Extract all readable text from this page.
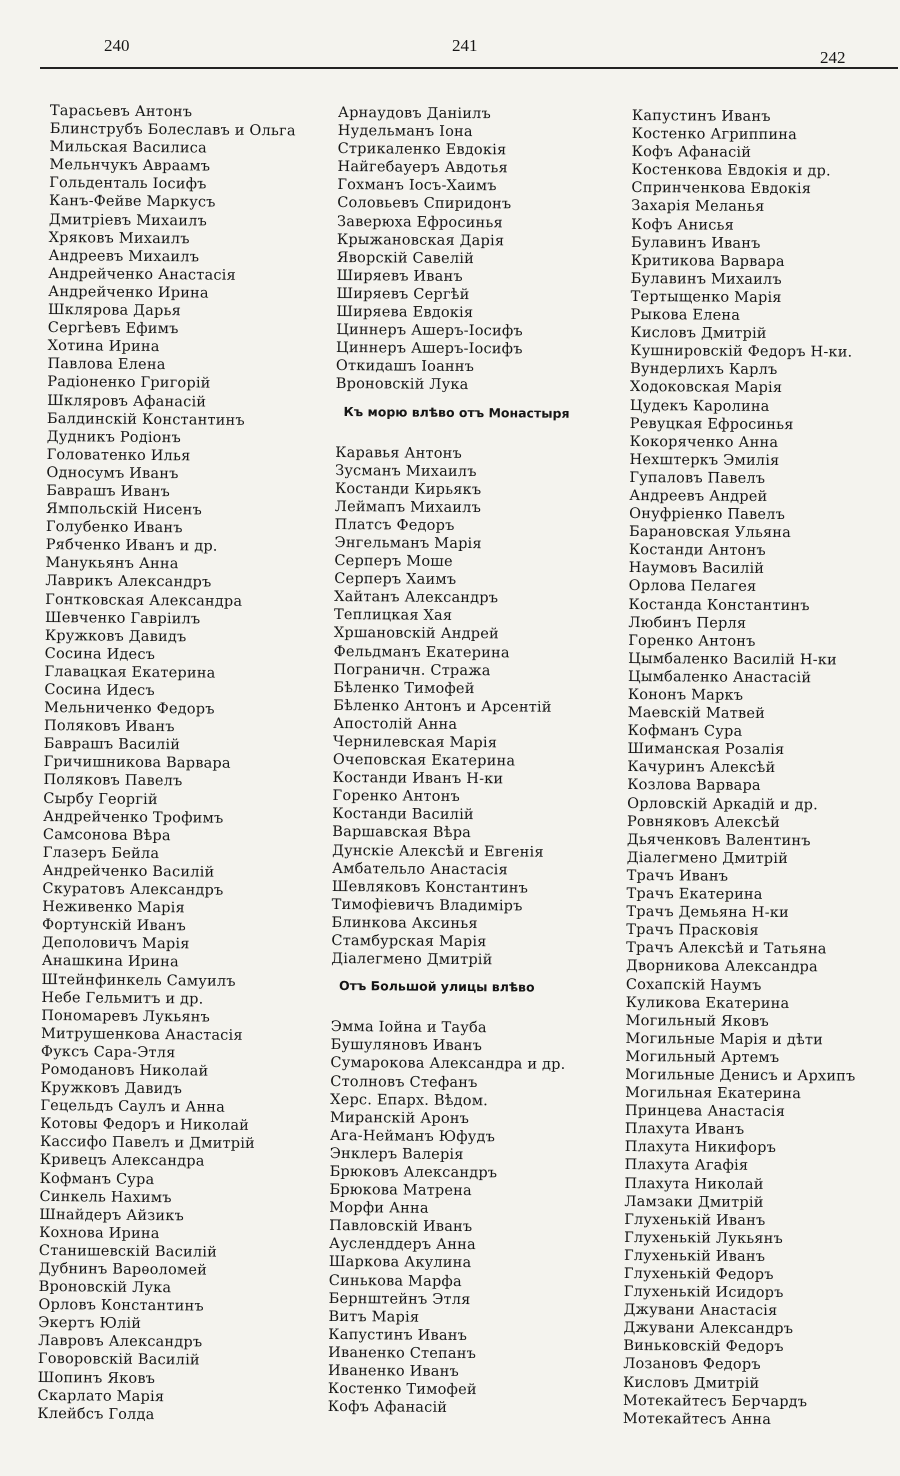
240	241
242
Тарасьевъ Антонъ
Блинструбъ Болеславъ и Ольга
Мильская Василиса
Мельнчукъ Авраамъ
Гольденталь Іосифъ
Канъ-Фейве Маркусъ
Дмитріевъ Михаилъ
Хряковъ Михаилъ
Андреевъ Михаилъ
Андрейченко Анастасія
Андрейченко Ирина
Шклярова Дарья
Сергѣевъ Ефимъ
Хотина Ирина
Павлова Елена
Радіоненко Григорій
Шкляровъ Афанасій
Балдинскій Константинъ
Дудникъ Родіонъ
Головатенко Илья
Односумъ Иванъ
Баврашъ Иванъ
Ямпольскій Нисенъ
Голубенко Иванъ
Рябченко Иванъ и др.
Манукьянъ Анна
Лаврикъ Александръ
Гонтковская Александра
Шевченко Гавріилъ
Кружковъ Давидъ
Сосина Идесъ
Главацкая Екатерина
Сосина Идесъ
Мельниченко Федоръ
Поляковъ Иванъ
Баврашъ Василій
Гричишникова Варвара
Поляковъ Павелъ
Сырбу Георгій
Андрейченко Трофимъ
Самсонова Вѣра
Глазеръ Бейла
Андрейченко Василій
Скуратовъ Александръ
Неживенко Марія
Фортунскій Иванъ
Деполовичъ Марія
Анашкина Ирина
Штейнфинкель Самуилъ
Небе Гельмитъ и др.
Пономаревъ Лукьянъ
Митрушенкова Анастасія
Фуксъ Сара-Этля
Ромодановъ Николай
Кружковъ Давидъ
Гецельдъ Саулъ и Анна
Котовы Федоръ и Николай
Кассифо Павелъ и Дмитрій
Кривецъ Александра
Кофманъ Сура
Синкель Нахимъ
Шнайдеръ Айзикъ
Кохнова Ирина
Станишевскій Василій
Дубнинъ Варѳоломей
Вроновскій Лука
Орловъ Константинъ
Экертъ Юлій
Лавровъ Александръ
Говоровскій Василій
Шопинъ Яковъ
Скарлато Марія
Клейбсъ Голда
Арнаудовъ Даніилъ
Нудельманъ Іона
Стрикаленко Евдокія
Найгебауеръ Авдотья
Гохманъ Іосъ-Хаимъ
Соловьевъ Спиридонъ
Заверюха Ефросинья
Крыжановская Дарія
Яворскій Савелій
Ширяевъ Иванъ
Ширяевъ Сергѣй
Ширяева Евдокія
Циннеръ Ашеръ-Іосифъ
Циннеръ Ашеръ-Іосифъ
Откидашъ Іоаннъ
Вроновскій Лука
Къ морю влѣво отъ Монастыря
Каравья Антонъ
Зусманъ Михаилъ
Костанди Кирьякъ
Леймапъ Михаилъ
Платсъ Федоръ
Энгельманъ Марія
Серперъ Моше
Серперъ Хаимъ
Хайтанъ Александръ
Теплицкая Хая
Хршановскій Андрей
Фельдманъ Екатерина
Пограничн. Стража
Бѣленко Тимофей
Бѣленко Антонъ и Арсентій
Апостолій Анна
Чернилевская Марія
Очеповская Екатерина
Костанди Иванъ Н-ки
Горенко Антонъ
Костанди Василій
Варшавская Вѣра
Дунскіе Алексѣй и Евгенія
Амбательло Анастасія
Шевляковъ Константинъ
Тимофіевичъ Владиміръ
Блинкова Аксинья
Стамбурская Марія
Діалегмено Дмитрій
Отъ Большой улицы влѣво
Эмма Іойна и Тауба
Бушуляновъ Иванъ
Сумарокова Александра и др.
Столновъ Стефанъ
Херс. Епарх. Вѣдом.
Миранскій Аронъ
Ага-Нейманъ Юфудъ
Энклеръ Валерія
Брюковъ Александръ
Брюкова Матрена
Морфи Анна
Павловскій Иванъ
Аусленддеръ Анна
Шаркова Акулина
Синькова Марфа
Бернштейнъ Этля
Витъ Марія
Капустинъ Иванъ
Иваненко Степанъ
Иваненко Иванъ
Костенко Тимофей
Кофъ Афанасій
Капустинъ Иванъ
Костенко Агриппина
Кофъ Афанасій
Костенкова Евдокія и др.
Спринченкова Евдокія
Захарія Меланья
Кофъ Анисья
Булавинъ Иванъ
Критикова Варвара
Булавинъ Михаилъ
Тертыщенко Марія
Рыкова Елена
Кисловъ Дмитрій
Кушнировскій Федоръ Н-ки.
Вундерлихъ Карлъ
Ходоковская Марія
Цудекъ Каролина
Ревуцкая Ефросинья
Кокоряченко Анна
Нехштеркъ Эмилія
Гупаловъ Павелъ
Андреевъ Андрей
Онуфріенко Павелъ
Барановская Ульяна
Костанди Антонъ
Наумовъ Василій
Орлова Пелагея
Костанда Константинъ
Любинъ Перля
Горенко Антонъ
Цымбаленко Василій Н-ки
Цымбаленко Анастасій
Кононъ Маркъ
Маевскій Матвей
Кофманъ Сура
Шиманская Розалія
Качуринъ Алексѣй
Козлова Варвара
Орловскій Аркадій и др.
Ровняковъ Алексѣй
Дьяченковъ Валентинъ
Діалегмено Дмитрій
Трачъ Иванъ
Трачъ Екатерина
Трачъ Демьяна Н-ки
Трачъ Прасковія
Трачъ Алексѣй и Татьяна
Дворникова Александра
Сохапскій Наумъ
Куликова Екатерина
Могильный Яковъ
Могильные Марія и дѣти
Могильный Артемъ
Могильные Денисъ и Архипъ
Могильная Екатерина
Принцева Анастасія
Плахута Иванъ
Плахута Никифоръ
Плахута Агафія
Плахута Николай
Ламзаки Дмитрій
Глухенькій Иванъ
Глухенькій Лукьянъ
Глухенькій Иванъ
Глухенькій Федоръ
Глухенькій Исидоръ
Джувани Анастасія
Джувани Александръ
Виньковскій Федоръ
Лозановъ Федоръ
Кисловъ Дмитрій
Мотекайтесъ Берчардъ
Мотекайтесъ Анна
